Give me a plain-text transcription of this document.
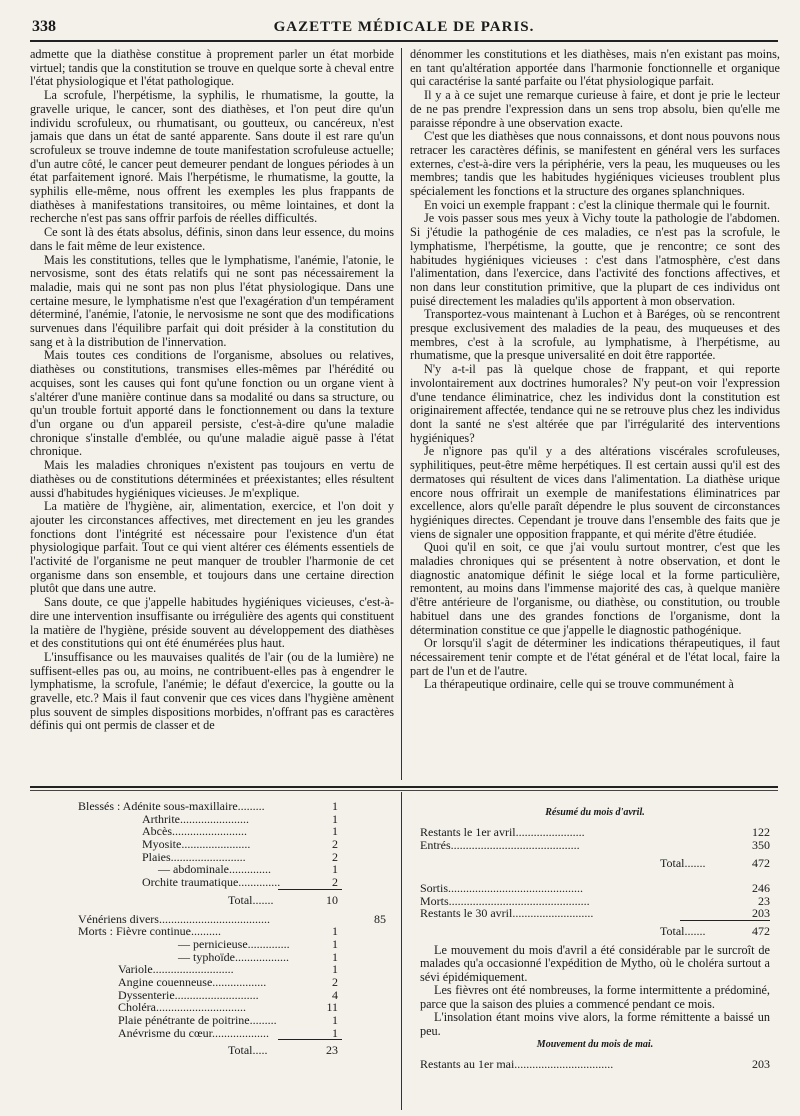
338	GAZETTE MÉDICALE DE PARIS.

admette que la diathèse constitue à proprement parler un état morbide virtuel; tandis que la constitution se trouve en quelque sorte à cheval entre l'état physiologique et l'état pathologique.

La scrofule, l'herpétisme, la syphilis, le rhumatisme, la goutte, la gravelle urique, le cancer, sont des diathèses, et l'on peut dire qu'un individu scrofuleux, ou rhumatisant, ou goutteux, ou cancéreux, n'est jamais que dans un état de santé apparente. Sans doute il est rare qu'un scrofuleux se trouve indemne de toute manifestation scrofuleuse actuelle; d'un autre côté, le cancer peut demeurer pendant de longues périodes à un état parfaitement ignoré. Mais l'herpétisme, le rhumatisme, la goutte, la syphilis elle-même, nous offrent les exemples les plus frappants de diathèses à manifestations transitoires, ou même lointaines, et dont la recherche n'est pas sans offrir parfois de réelles difficultés.

Ce sont là des états absolus, définis, sinon dans leur essence, du moins dans le fait même de leur existence.

Mais les constitutions, telles que le lymphatisme, l'anémie, l'atonie, le nervosisme, sont des états relatifs qui ne sont pas nécessairement la maladie, mais qui ne sont pas non plus l'état physiologique. Dans une certaine mesure, le lymphatisme n'est que l'exagération d'un tempérament déterminé, l'anémie, l'atonie, le nervosisme ne sont que des modifications survenues dans l'équilibre parfait qui doit présider à la constitution du sang et à la distribution de l'innervation.

Mais toutes ces conditions de l'organisme, absolues ou relatives, diathèses ou constitutions, transmises elles-mêmes par l'hérédité ou acquises, sont les causes qui font qu'une fonction ou un organe vient à s'altérer d'une manière continue dans sa modalité ou dans sa structure, ou qu'un trouble fortuit apporté dans le fonctionnement ou dans la texture d'un organe ou d'un appareil persiste, c'est-à-dire qu'une maladie chronique s'installe d'emblée, ou qu'une maladie aiguë passe à l'état chronique.

Mais les maladies chroniques n'existent pas toujours en vertu de diathèses ou de constitutions déterminées et préexistantes; elles résultent aussi d'habitudes hygiéniques vicieuses. Je m'explique.

La matière de l'hygiène, air, alimentation, exercice, et l'on doit y ajouter les circonstances affectives, met directement en jeu les grandes fonctions dont l'intégrité est nécessaire pour l'existence d'un état physiologique parfait. Tout ce qui vient altérer ces éléments essentiels de l'activité de l'organisme ne peut manquer de troubler l'harmonie de cet organisme dans son ensemble, et toujours dans une certaine direction plutôt que dans une autre.

Sans doute, ce que j'appelle habitudes hygiéniques vicieuses, c'est-à-dire une intervention insuffisante ou irrégulière des agents qui constituent la matière de l'hygiène, préside souvent au développement des diathèses et des constitutions qui ont été énumérées plus haut.

L'insuffisance ou les mauvaises qualités de l'air (ou de la lumière) ne suffisent-elles pas ou, au moins, ne contribuent-elles pas à engendrer le lymphatisme, la scrofule, l'anémie; le défaut d'exercice, la goutte ou la gravelle, etc.? Mais il faut convenir que ces vices dans l'hygiène amènent plus souvent de simples dispositions morbides, n'offrant pas es caractères définis qui ont permis de classer et de

dénommer les constitutions et les diathèses, mais n'en existant pas moins, en tant qu'altération apportée dans l'harmonie fonctionnelle et organique qui caractérise la santé parfaite ou l'état physiologique parfait.

Il y a à ce sujet une remarque curieuse à faire, et dont je prie le lecteur de ne pas prendre l'expression dans un sens trop absolu, bien qu'elle me paraisse répondre à une observation exacte.

C'est que les diathèses que nous connaissons, et dont nous pouvons nous retracer les caractères définis, se manifestent en général vers les surfaces externes, c'est-à-dire vers la périphérie, vers la peau, les muqueuses ou les membres; tandis que les habitudes hygiéniques vicieuses troublent plus spécialement les fonctions et la structure des organes splanchniques.

En voici un exemple frappant : c'est la clinique thermale qui le fournit.

Je vois passer sous mes yeux à Vichy toute la pathologie de l'abdomen. Si j'étudie la pathogénie de ces maladies, ce n'est pas la scrofule, le lymphatisme, l'herpétisme, la goutte, que je rencontre; ce sont des habitudes hygiéniques vicieuses : c'est dans l'atmosphère, c'est dans l'alimentation, dans l'exercice, dans l'activité des fonctions affectives, et non dans leur constitution primitive, que la plupart de ces individus ont puisé directement les maladies qu'ils apportent à mon observation.

Transportez-vous maintenant à Luchon et à Baréges, où se rencontrent presque exclusivement des maladies de la peau, des muqueuses et des membres, c'est à la scrofule, au lymphatisme, à l'herpétisme, au rhumatisme, que la presque universalité en doit être rapportée.

N'y a-t-il pas là quelque chose de frappant, et qui reporte involontairement aux doctrines humorales? N'y peut-on voir l'expression d'une tendance éliminatrice, chez les individus dont la constitution est originairement affectée, tendance qui ne se retrouve plus chez les individus dont la santé ne s'est altérée que par l'irrégularité des interventions hygiéniques?

Je n'ignore pas qu'il y a des altérations viscérales scrofuleuses, syphilitiques, peut-être même herpétiques. Il est certain aussi qu'il est des dermatoses qui résultent de vices dans l'alimentation. La diathèse urique encore nous offrirait un exemple de manifestations éliminatrices par excellence, alors qu'elle paraît dépendre le plus souvent de circonstances hygiéniques directes. Cependant je trouve dans l'ensemble des faits que je viens de signaler une opposition frappante, et qui mérite d'être étudiée.

Quoi qu'il en soit, ce que j'ai voulu surtout montrer, c'est que les maladies chroniques qui se présentent à notre observation, et dont le diagnostic anatomique définit le siége local et la forme particulière, remontent, au moins dans l'immense majorité des cas, à quelque manière d'être antérieure de l'organisme, ou diathèse, ou constitution, ou trouble habituel dans une des grandes fonctions de l'organisme, dont la détermination constitue ce que j'appelle le diagnostic pathogénique.

Or lorsqu'il s'agit de déterminer les indications thérapeutiques, il faut nécessairement tenir compte et de l'état général et de l'état local, faire la part de l'un et de l'autre.

La thérapeutique ordinaire, celle qui se trouve communément à

Blessés : Adénite sous-maxillaire.........	1
Arthrite.......................	1
Abcès.........................	1
Myosite.......................	2
Plaies.........................	2
— abdominale..............	1
Orchite traumatique..............	2
Total.......	10
Vénériens divers.....................................	85
Morts : Fièvre continue..........	1
— pernicieuse..............	1
— typhoïde..................	1
Variole...........................	1
Angine couenneuse..................	2
Dyssenterie............................	4
Choléra..............................	11
Plaie pénétrante de poitrine.........	1
Anévrisme du cœur...................	1
Total.....	23
Résumé du mois d'avril.
Restants le 1er avril.......................	122
Entrés...........................................	350
Total.......	472
Sortis.............................................	246
Morts...............................................	23
Restants le 30 avril...........................	203
Total.......	472

Le mouvement du mois d'avril a été considérable par le surcroît de malades qu'a occasionné l'expédition de Mytho, où le choléra surtout a sévi épidémiquement.

Les fièvres ont été nombreuses, la forme intermittente a prédominé, parce que la saison des pluies a commencé pendant ce mois.

L'insolation étant moins vive alors, la forme rémittente a baissé un peu.

Mouvement du mois de mai.
Restants au 1er mai.................................	203
